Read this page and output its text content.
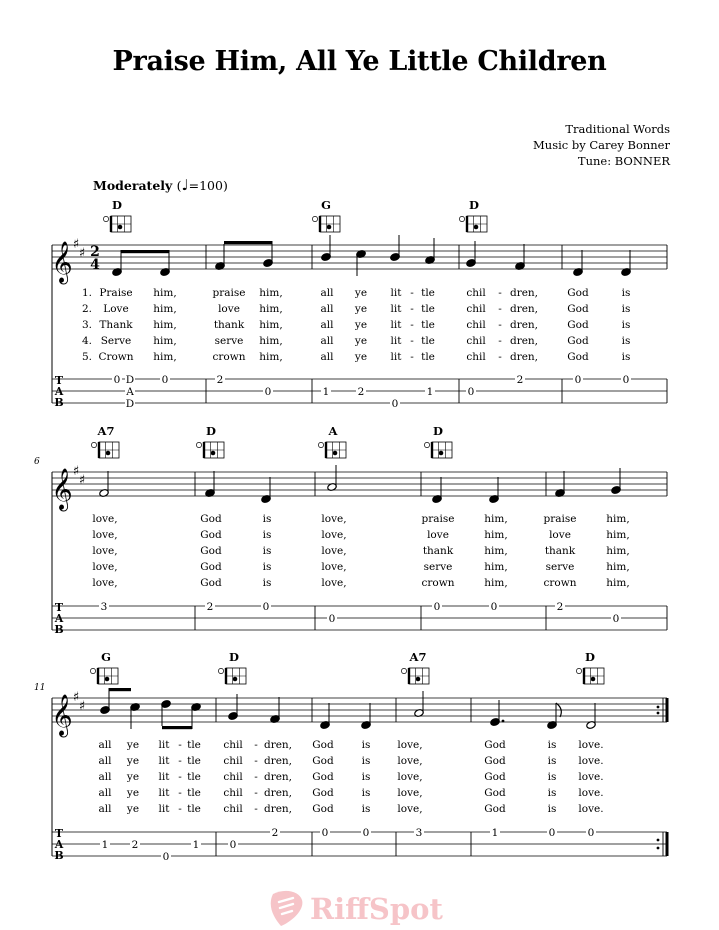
Praise Him, All Ye Little Children
Traditional Words
Music by Carey Bonner
Tune: BONNER
Moderately (♩=100)
𝄞 ♯
♯ 2
4
T
A
B
D
A
D
D	G	D
1. Praise him,	praise him,	all ye lit - tle	chil - dren,	God	is
2. Love him,	love him,	all ye lit - tle	chil - dren,	God	is
3. Thank him,	thank him,	all ye lit - tle	chil - dren,	God	is
4. Serve him,	serve him,	all ye lit - tle	chil - dren,	God	is
5. Crown him,	crown him,	all ye lit - tle	chil - dren,	God	is
0	0	2
0	1	2
0
1	0
2	0	0
𝄞 ♯
♯
T
A
B
6
A7	D	A	D
love,	God	is	love,	praise	him,	praise	him,
love,	God	is	love,	love	him,	love	him,
love,	God	is	love,	thank	him,	thank	him,
love,	God	is	love,	serve	him,	serve	him,
love,	God	is	love,	crown	him,	crown	him,
3	2	0
0
0	0	2
0
𝄞 ♯
♯
T
A
B
11
G	D	A7	D
all ye lit - tle chil - dren, God	is	love,	God	is love.
all ye lit - tle chil - dren, God	is	love,	God	is love.
all ye lit - tle chil - dren, God	is	love,	God	is love.
all ye lit - tle chil - dren, God	is	love,	God	is love.
all ye lit - tle chil - dren, God	is	love,	God	is love.
1 2
0
1	0
2	0	0	3	1	0	0
RiffSpot
